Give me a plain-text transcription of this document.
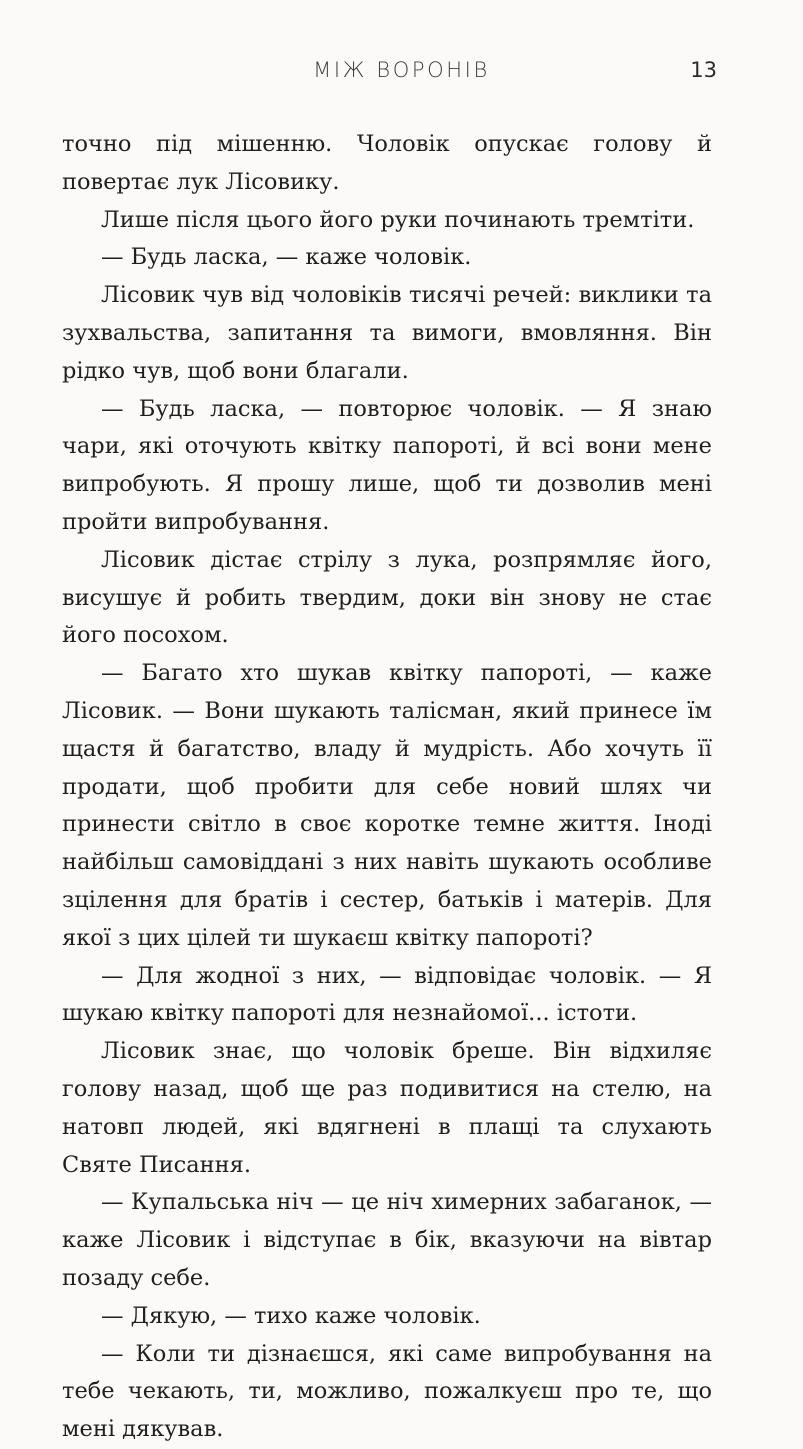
МІЖ ВОРОНІВ	13

точно під мішенню. Чоловік опускає голову й повертає лук Лісовику.

Лише після цього його руки починають тремтіти.

— Будь ласка, — каже чоловік.

Лісовик чув від чоловіків тисячі речей: виклики та зухвальства, запитання та вимоги, вмовляння. Він рідко чув, щоб вони благали.

— Будь ласка, — повторює чоловік. — Я знаю чари, які оточують квітку папороті, й всі вони мене випробують. Я прошу лише, щоб ти дозволив мені пройти випробування.

Лісовик дістає стрілу з лука, розпрямляє його, висушує й робить твердим, доки він знову не стає його посохом.

— Багато хто шукав квітку папороті, — каже Лісовик. — Вони шукають талісман, який принесе їм щастя й багатство, владу й мудрість. Або хочуть її продати, щоб пробити для себе новий шлях чи принести світло в своє коротке темне життя. Іноді найбільш самовіддані з них навіть шукають особливе зцілення для братів і сестер, батьків і матерів. Для якої з цих цілей ти шукаєш квітку папороті?

— Для жодної з них, — відповідає чоловік. — Я шукаю квітку папороті для незнайомої... істоти.

Лісовик знає, що чоловік бреше. Він відхиляє голову назад, щоб ще раз подивитися на стелю, на натовп людей, які вдягнені в плащі та слухають Святе Писання.

— Купальська ніч — це ніч химерних забаганок, — каже Лісовик і відступає в бік, вказуючи на вівтар позаду себе.

— Дякую, — тихо каже чоловік.

— Коли ти дізнаєшся, які саме випробування на тебе чекають, ти, можливо, пожалкуєш про те, що мені дякував.
